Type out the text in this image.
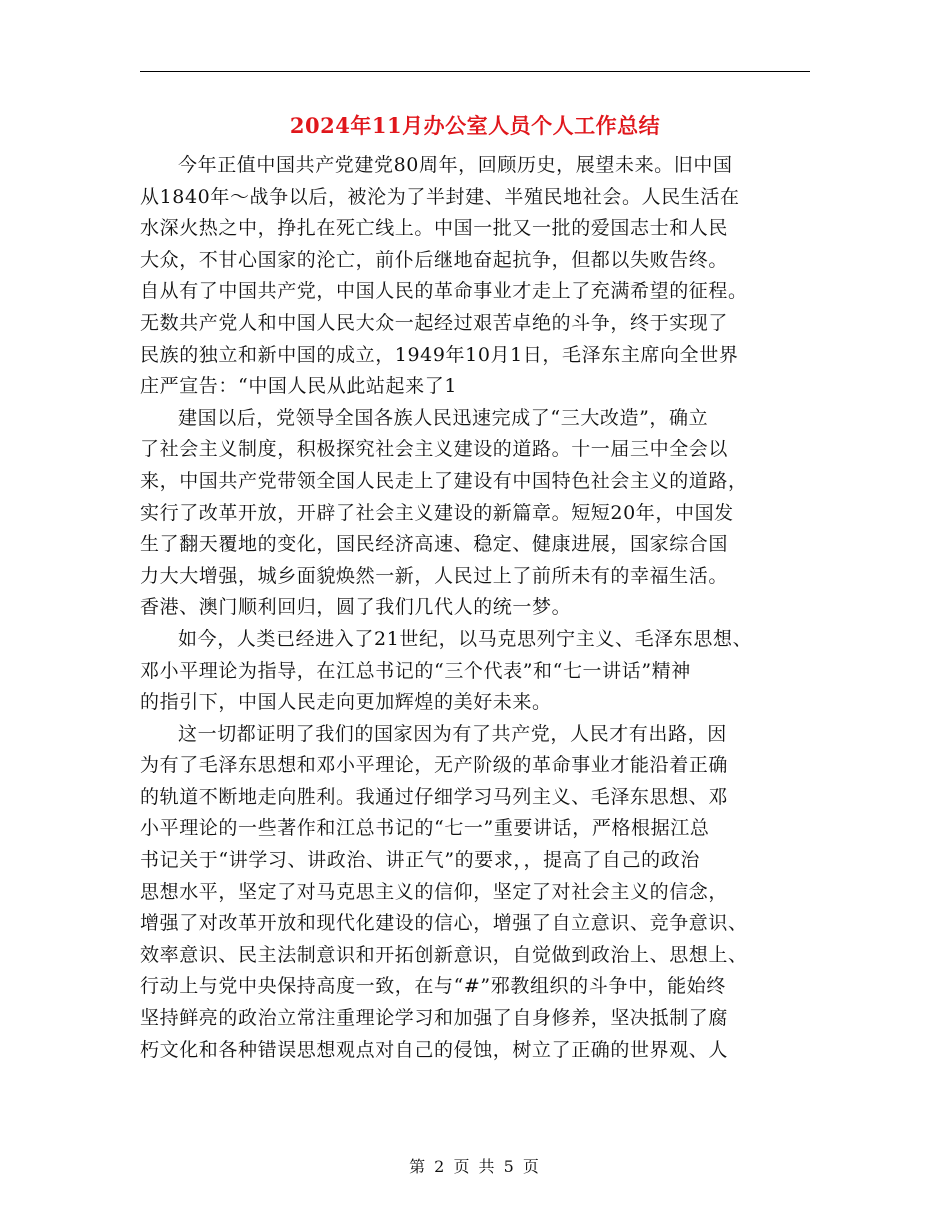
2024年11月办公室人员个人工作总结

今年正值中国共产党建党80周年，回顾历史，展望未来。旧中国
从1840年～战争以后，被沦为了半封建、半殖民地社会。人民生活在
水深火热之中，挣扎在死亡线上。中国一批又一批的爱国志士和人民
大众，不甘心国家的沦亡，前仆后继地奋起抗争，但都以失败告终。
自从有了中国共产党，中国人民的革命事业才走上了充满希望的征程。
无数共产党人和中国人民大众一起经过艰苦卓绝的斗争，终于实现了
民族的独立和新中国的成立，1949年10月1日，毛泽东主席向全世界
庄严宣告：“中国人民从此站起来了1

建国以后，党领导全国各族人民迅速完成了“三大改造”，确立
了社会主义制度，积极探究社会主义建设的道路。十一届三中全会以
来，中国共产党带领全国人民走上了建设有中国特色社会主义的道路，
实行了改革开放，开辟了社会主义建设的新篇章。短短20年，中国发
生了翻天覆地的变化，国民经济高速、稳定、健康进展，国家综合国
力大大增强，城乡面貌焕然一新，人民过上了前所未有的幸福生活。
香港、澳门顺利回归，圆了我们几代人的统一梦。

如今，人类已经进入了21世纪，以马克思列宁主义、毛泽东思想、
邓小平理论为指导，在江总书记的“三个代表”和“七一讲话”精神
的指引下，中国人民走向更加辉煌的美好未来。

这一切都证明了我们的国家因为有了共产党，人民才有出路，因
为有了毛泽东思想和邓小平理论，无产阶级的革命事业才能沿着正确
的轨道不断地走向胜利。我通过仔细学习马列主义、毛泽东思想、邓
小平理论的一些著作和江总书记的“七一”重要讲话，严格根据江总
书记关于“讲学习、讲政治、讲正气”的要求，，提高了自己的政治
思想水平，坚定了对马克思主义的信仰，坚定了对社会主义的信念，
增强了对改革开放和现代化建设的信心，增强了自立意识、竞争意识、
效率意识、民主法制意识和开拓创新意识，自觉做到政治上、思想上、
行动上与党中央保持高度一致，在与“#”邪教组织的斗争中，能始终
坚持鲜亮的政治立常注重理论学习和加强了自身修养，坚决抵制了腐
朽文化和各种错误思想观点对自己的侵蚀，树立了正确的世界观、人

第 2 页 共 5 页
